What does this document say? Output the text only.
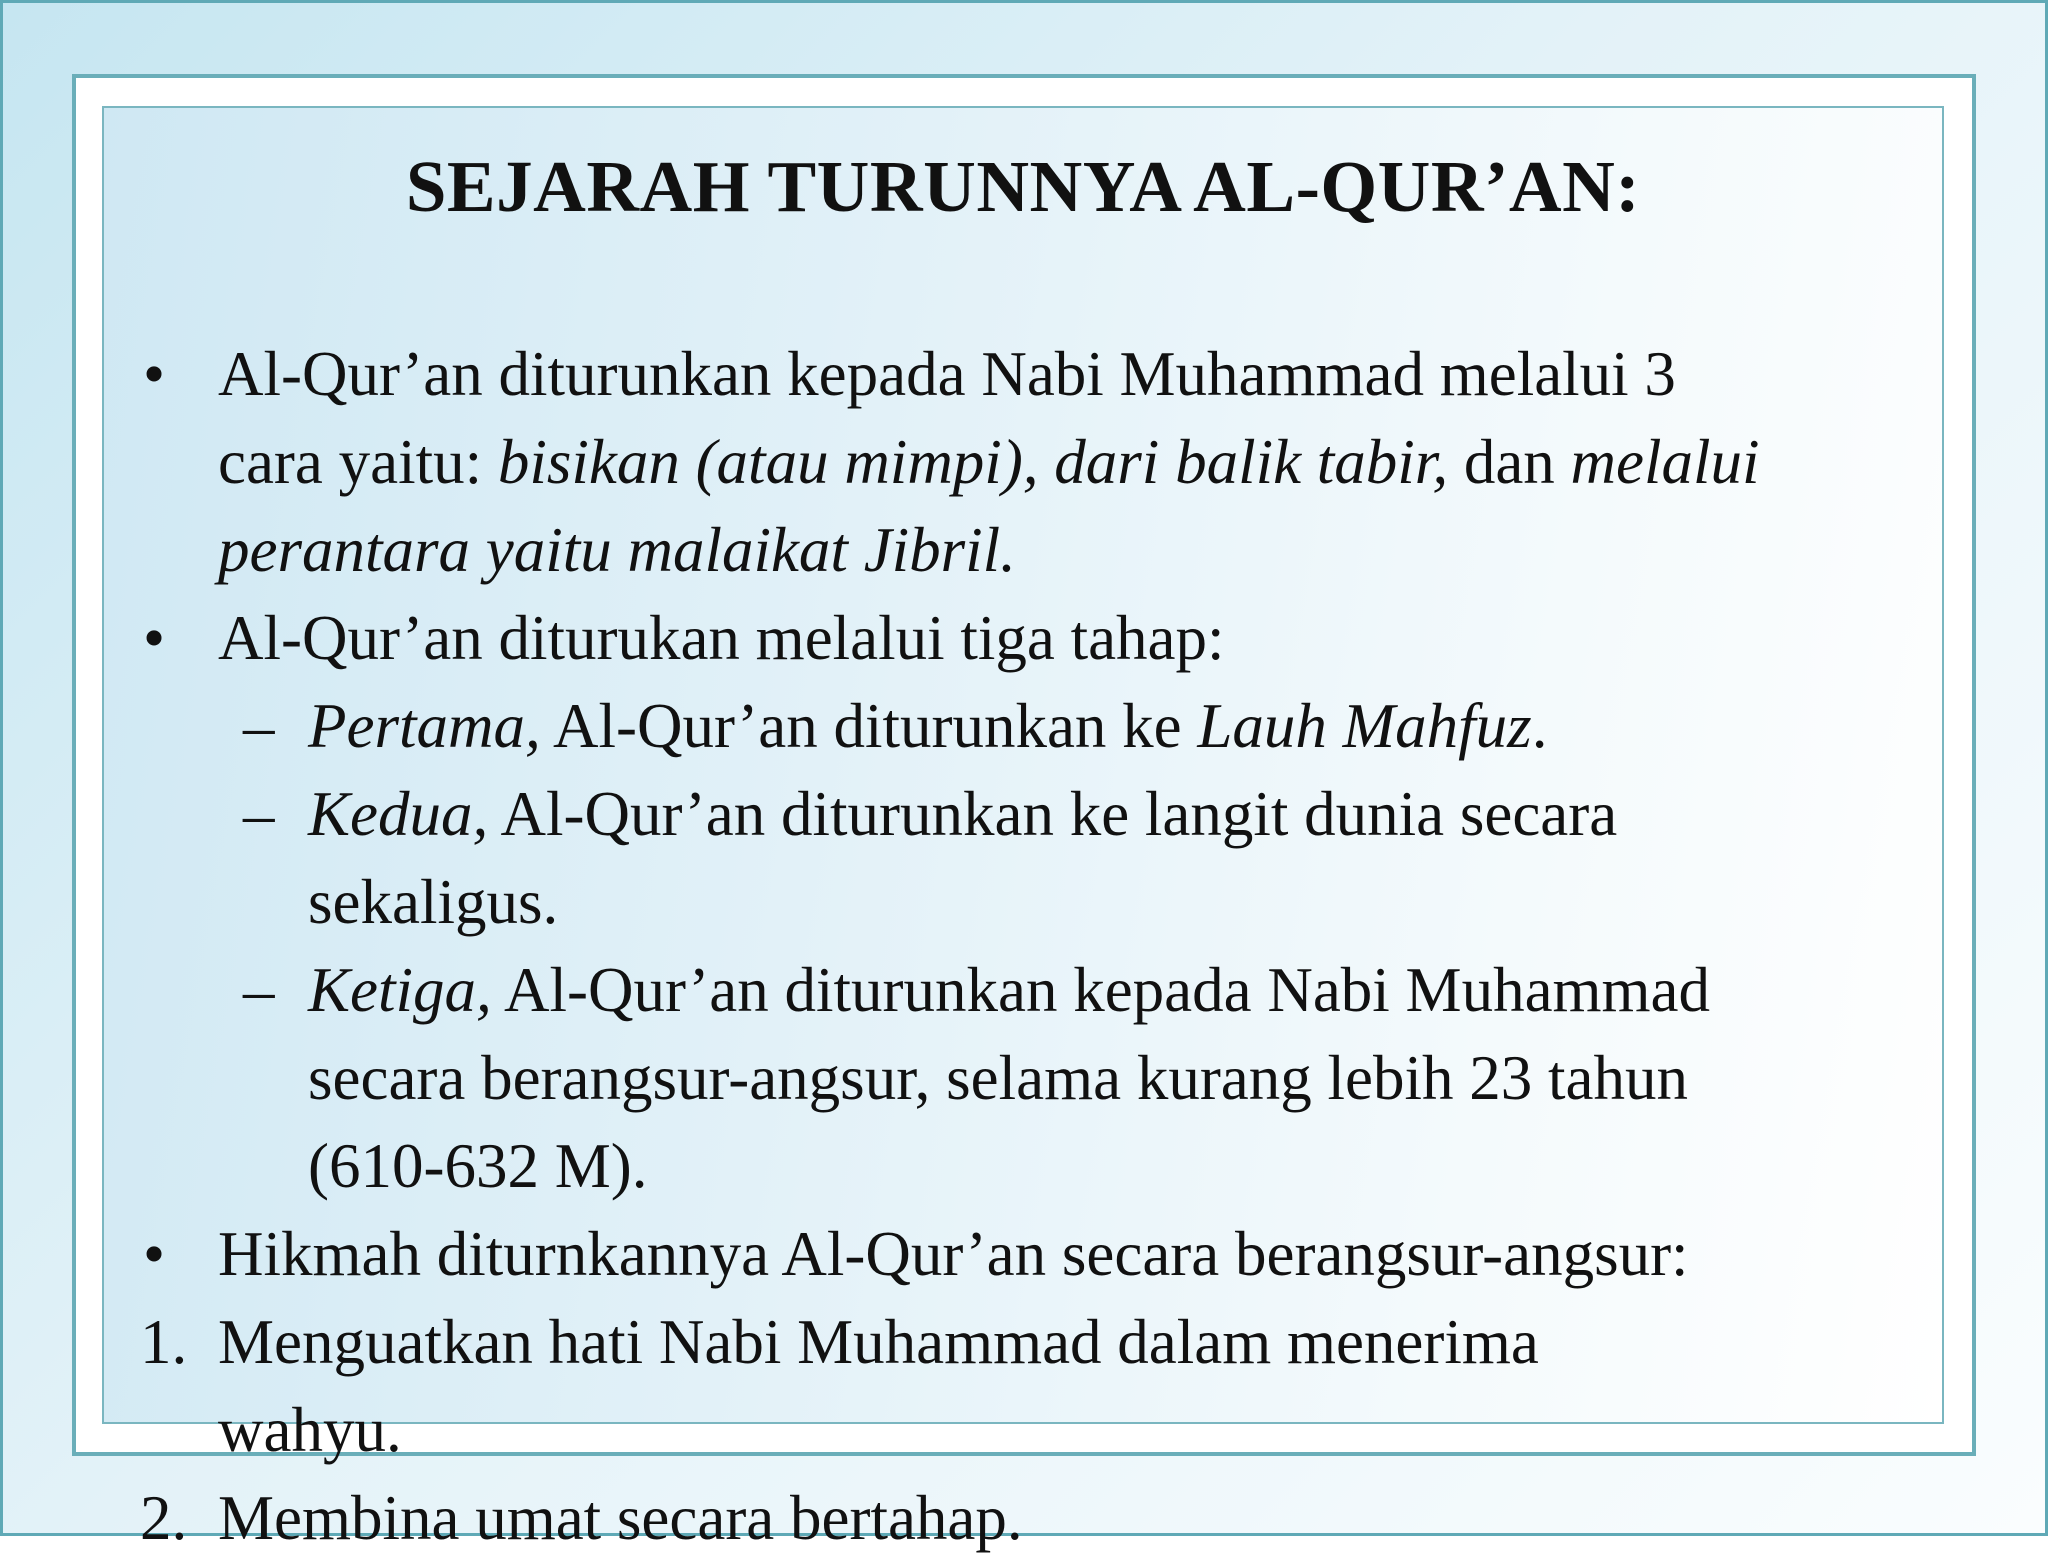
SEJARAH TURUNNYA AL-QUR’AN:
• Al-Qur’an diturunkan kepada Nabi Muhammad melalui 3
cara yaitu: bisikan (atau mimpi), dari balik tabir, dan melalui
perantara yaitu malaikat Jibril.
• Al-Qur’an diturukan melalui tiga tahap:
– Pertama, Al-Qur’an diturunkan ke Lauh Mahfuz.
– Kedua, Al-Qur’an diturunkan ke langit dunia secara
sekaligus.
– Ketiga, Al-Qur’an diturunkan kepada Nabi Muhammad
secara berangsur-angsur, selama kurang lebih 23 tahun
(610-632 M).
• Hikmah diturnkannya Al-Qur’an secara berangsur-angsur:
1. Menguatkan hati Nabi Muhammad dalam menerima
wahyu.
2. Membina umat secara bertahap.
